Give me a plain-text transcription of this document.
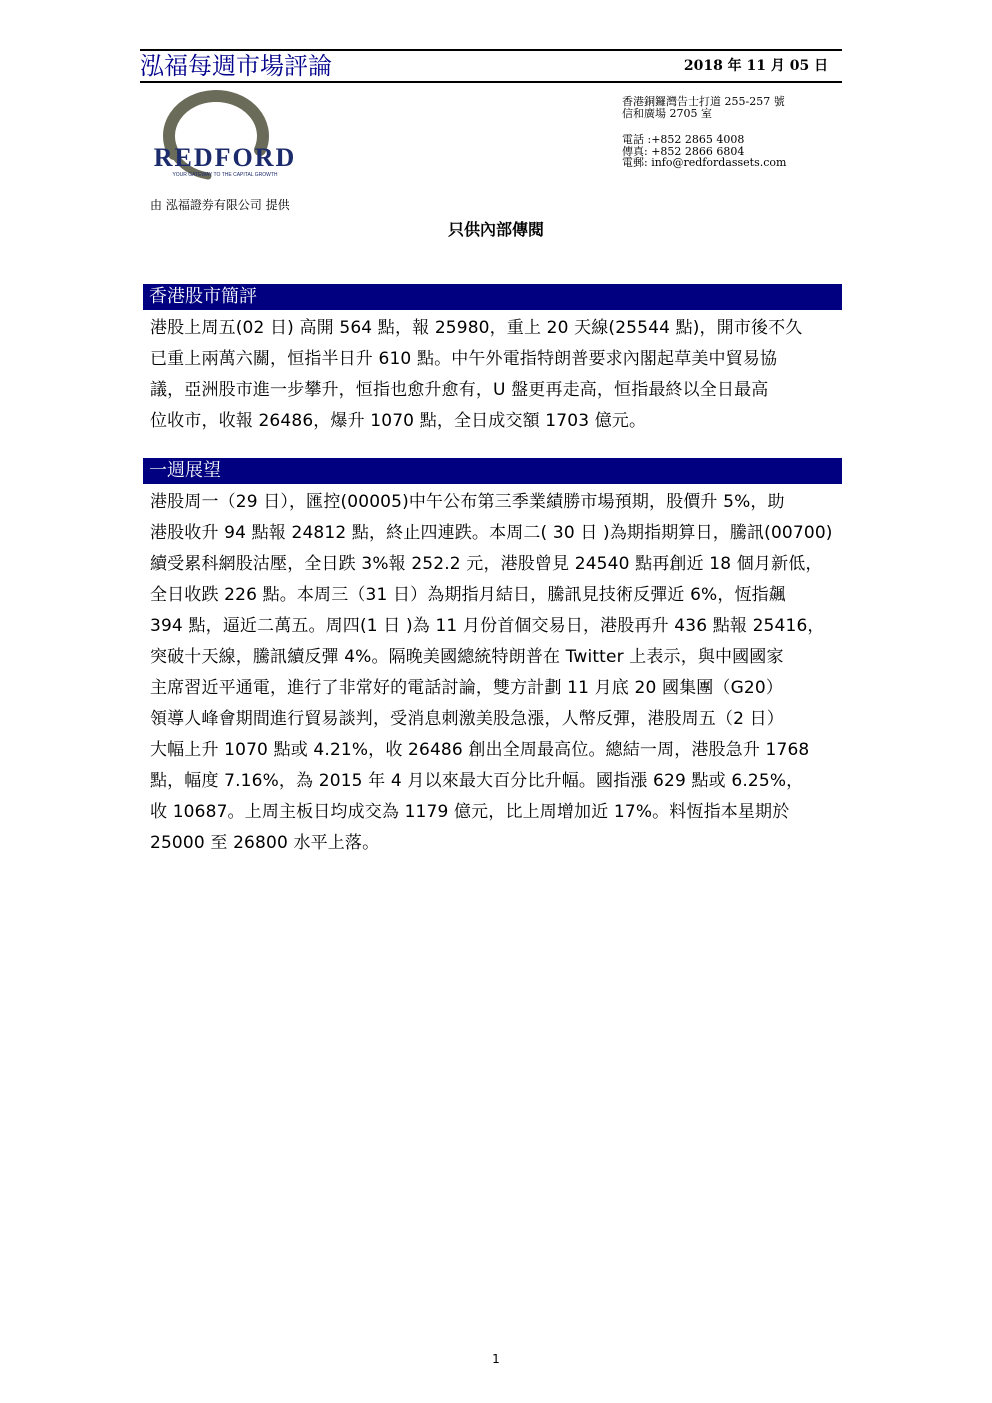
泓福每週市場評論	2018 年 11 月 05 日
REDFORD
YOUR GATEWAY TO THE CAPITAL GROWTH
香港銅鑼灣告士打道 255-257 號
信和廣場 2705 室
電話 :+852 2865 4008
傳真: +852 2866 6804
電郵: info@redfordassets.com
由 泓福證券有限公司 提供
只供內部傳閱
香港股市簡評
港股上周五(02 日) 高開 564 點，報 25980，重上 20 天線(25544 點)，開市後不久
已重上兩萬六關，恒指半日升 610 點。中午外電指特朗普要求內閣起草美中貿易協
議，亞洲股市進一步攀升，恒指也愈升愈有，U 盤更再走高，恒指最終以全日最高
位收市，收報 26486，爆升 1070 點，全日成交額 1703 億元。
一週展望
港股周一（29 日），匯控(00005)中午公布第三季業績勝市場預期，股價升 5%，助
港股收升 94 點報 24812 點，終止四連跌。本周二( 30 日 )為期指期算日，騰訊(00700)
續受累科網股沽壓，全日跌 3%報 252.2 元，港股曾見 24540 點再創近 18 個月新低，
全日收跌 226 點。本周三（31 日）為期指月結日，騰訊見技術反彈近 6%，恆指飆
394 點，逼近二萬五。周四(1 日 )為 11 月份首個交易日，港股再升 436 點報 25416，
突破十天線，騰訊續反彈 4%。隔晚美國總統特朗普在 Twitter 上表示，與中國國家
主席習近平通電，進行了非常好的電話討論，雙方計劃 11 月底 20 國集團（G20）
領導人峰會期間進行貿易談判，受消息刺激美股急漲，人幣反彈，港股周五（2 日）
大幅上升 1070 點或 4.21%，收 26486 創出全周最高位。總結一周，港股急升 1768
點，幅度 7.16%，為 2015 年 4 月以來最大百分比升幅。國指漲 629 點或 6.25%，
收 10687。上周主板日均成交為 1179 億元，比上周增加近 17%。料恆指本星期於
25000 至 26800 水平上落。
1
